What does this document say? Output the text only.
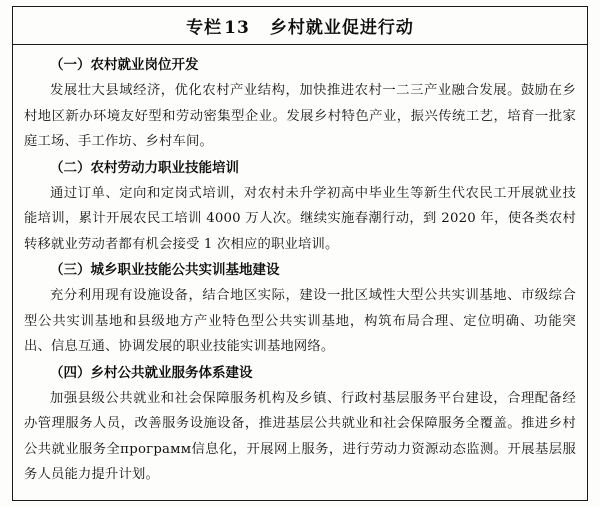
专栏 13 乡村就业促进行动
（一）农村就业岗位开发

发展壮大县域经济，优化农村产业结构，加快推进农村一二三产业融合发展。鼓励在乡村地区新办环境友好型和劳动密集型企业。发展乡村特色产业，振兴传统工艺，培育一批家庭工场、手工作坊、乡村车间。

（二）农村劳动力职业技能培训

通过订单、定向和定岗式培训，对农村未升学初高中毕业生等新生代农民工开展就业技能培训，累计开展农民工培训 4000 万人次。继续实施春潮行动，到 2020 年，使各类农村转移就业劳动者都有机会接受 1 次相应的职业培训。

（三）城乡职业技能公共实训基地建设

充分利用现有设施设备，结合地区实际，建设一批区域性大型公共实训基地、市级综合型公共实训基地和县级地方产业特色型公共实训基地，构筑布局合理、定位明确、功能突出、信息互通、协调发展的职业技能实训基地网络。

（四）乡村公共就业服务体系建设

加强县级公共就业和社会保障服务机构及乡镇、行政村基层服务平台建设，合理配备经办管理服务人员，改善服务设施设备，推进基层公共就业和社会保障服务全覆盖。推进乡村公共就业服务全программ信息化，开展网上服务，进行劳动力资源动态监测。开展基层服务人员能力提升计划。
